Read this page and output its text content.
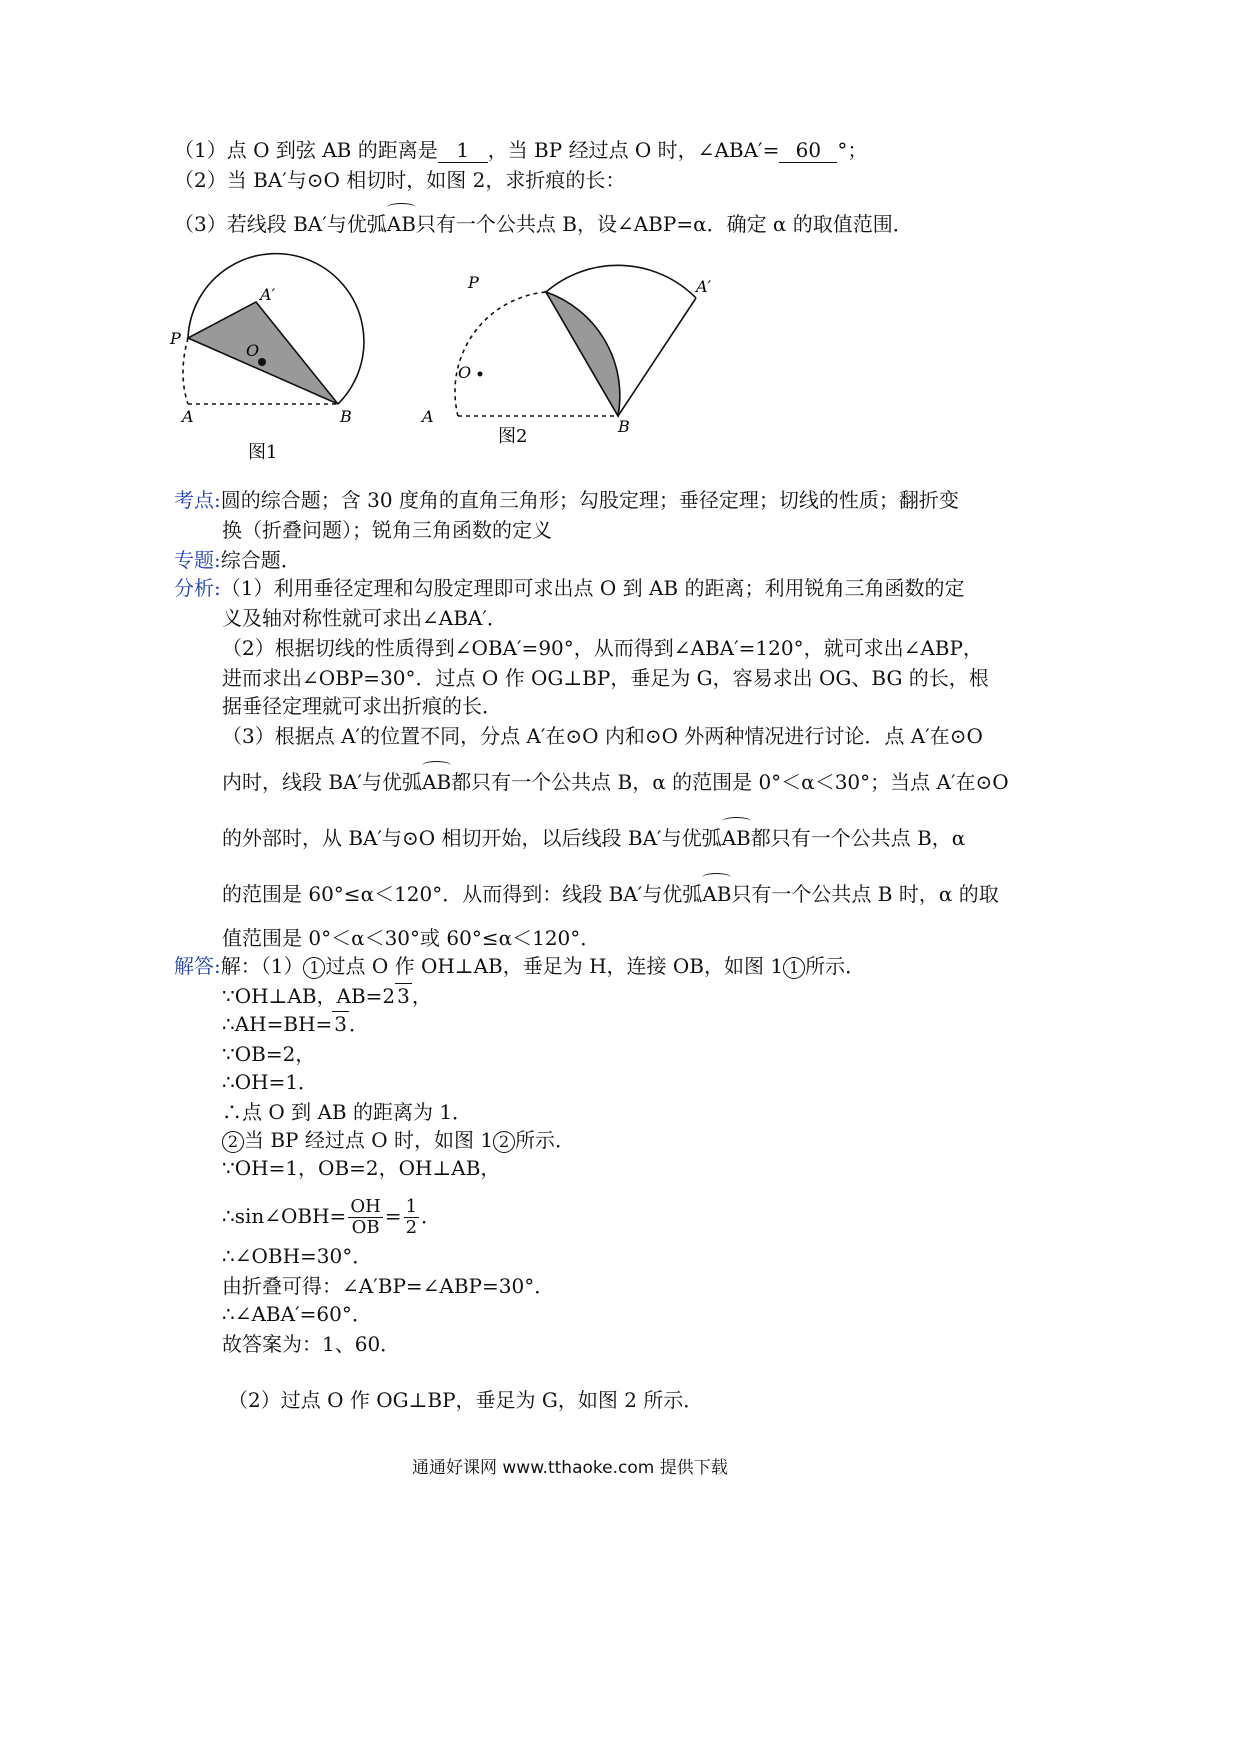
（1）点 O 到弦 AB 的距离是 1 ，当 BP 经过点 O 时，∠ABA′= 60 °；
（2）当 BA′与⊙O 相切时，如图 2，求折痕的长：
（3）若线段 BA′与优弧AB只有一个公共点 B，设∠ABP=α．确定 α 的取值范围．
A′
P
O
A	B
图1
P	A′
O
A
B
图2
考点:圆的综合题；含 30 度角的直角三角形；勾股定理；垂径定理；切线的性质；翻折变
换（折叠问题）；锐角三角函数的定义
专题:综合题．
分析:（1）利用垂径定理和勾股定理即可求出点 O 到 AB 的距离；利用锐角三角函数的定
义及轴对称性就可求出∠ABA′．
（2）根据切线的性质得到∠OBA′=90°，从而得到∠ABA′=120°，就可求出∠ABP，
进而求出∠OBP=30°．过点 O 作 OG⊥BP，垂足为 G，容易求出 OG、BG 的长，根
据垂径定理就可求出折痕的长．
（3）根据点 A′的位置不同，分点 A′在⊙O 内和⊙O 外两种情况进行讨论．点 A′在⊙O
内时，线段 BA′与优弧AB都只有一个公共点 B，α 的范围是 0°＜α＜30°；当点 A′在⊙O
的外部时，从 BA′与⊙O 相切开始，以后线段 BA′与优弧AB都只有一个公共点 B，α
的范围是 60°≤α＜120°．从而得到：线段 BA′与优弧AB只有一个公共点 B 时，α 的取
值范围是 0°＜α＜30°或 60°≤α＜120°．
解答:解：（1） 1 过点 O 作 OH⊥AB，垂足为 H，连接 OB，如图 1 1 所示．
∵OH⊥AB，AB=2 3 ，
∴AH=BH= 3 ．
∵OB=2，
∴OH=1．
∴点 O 到 AB 的距离为 1．
2 当 BP 经过点 O 时，如图 1 2 所示．
∵OH=1，OB=2，OH⊥AB，
∴sin∠OBH= $\frac{OH}{OB} = \frac{1}{2}$ ．
∴∠OBH=30°．
由折叠可得：∠A′BP=∠ABP=30°．
∴∠ABA′=60°．
故答案为：1、60．
（2）过点 O 作 OG⊥BP，垂足为 G，如图 2 所示．
通通好课网 www.tthaoke.com 提供下载
